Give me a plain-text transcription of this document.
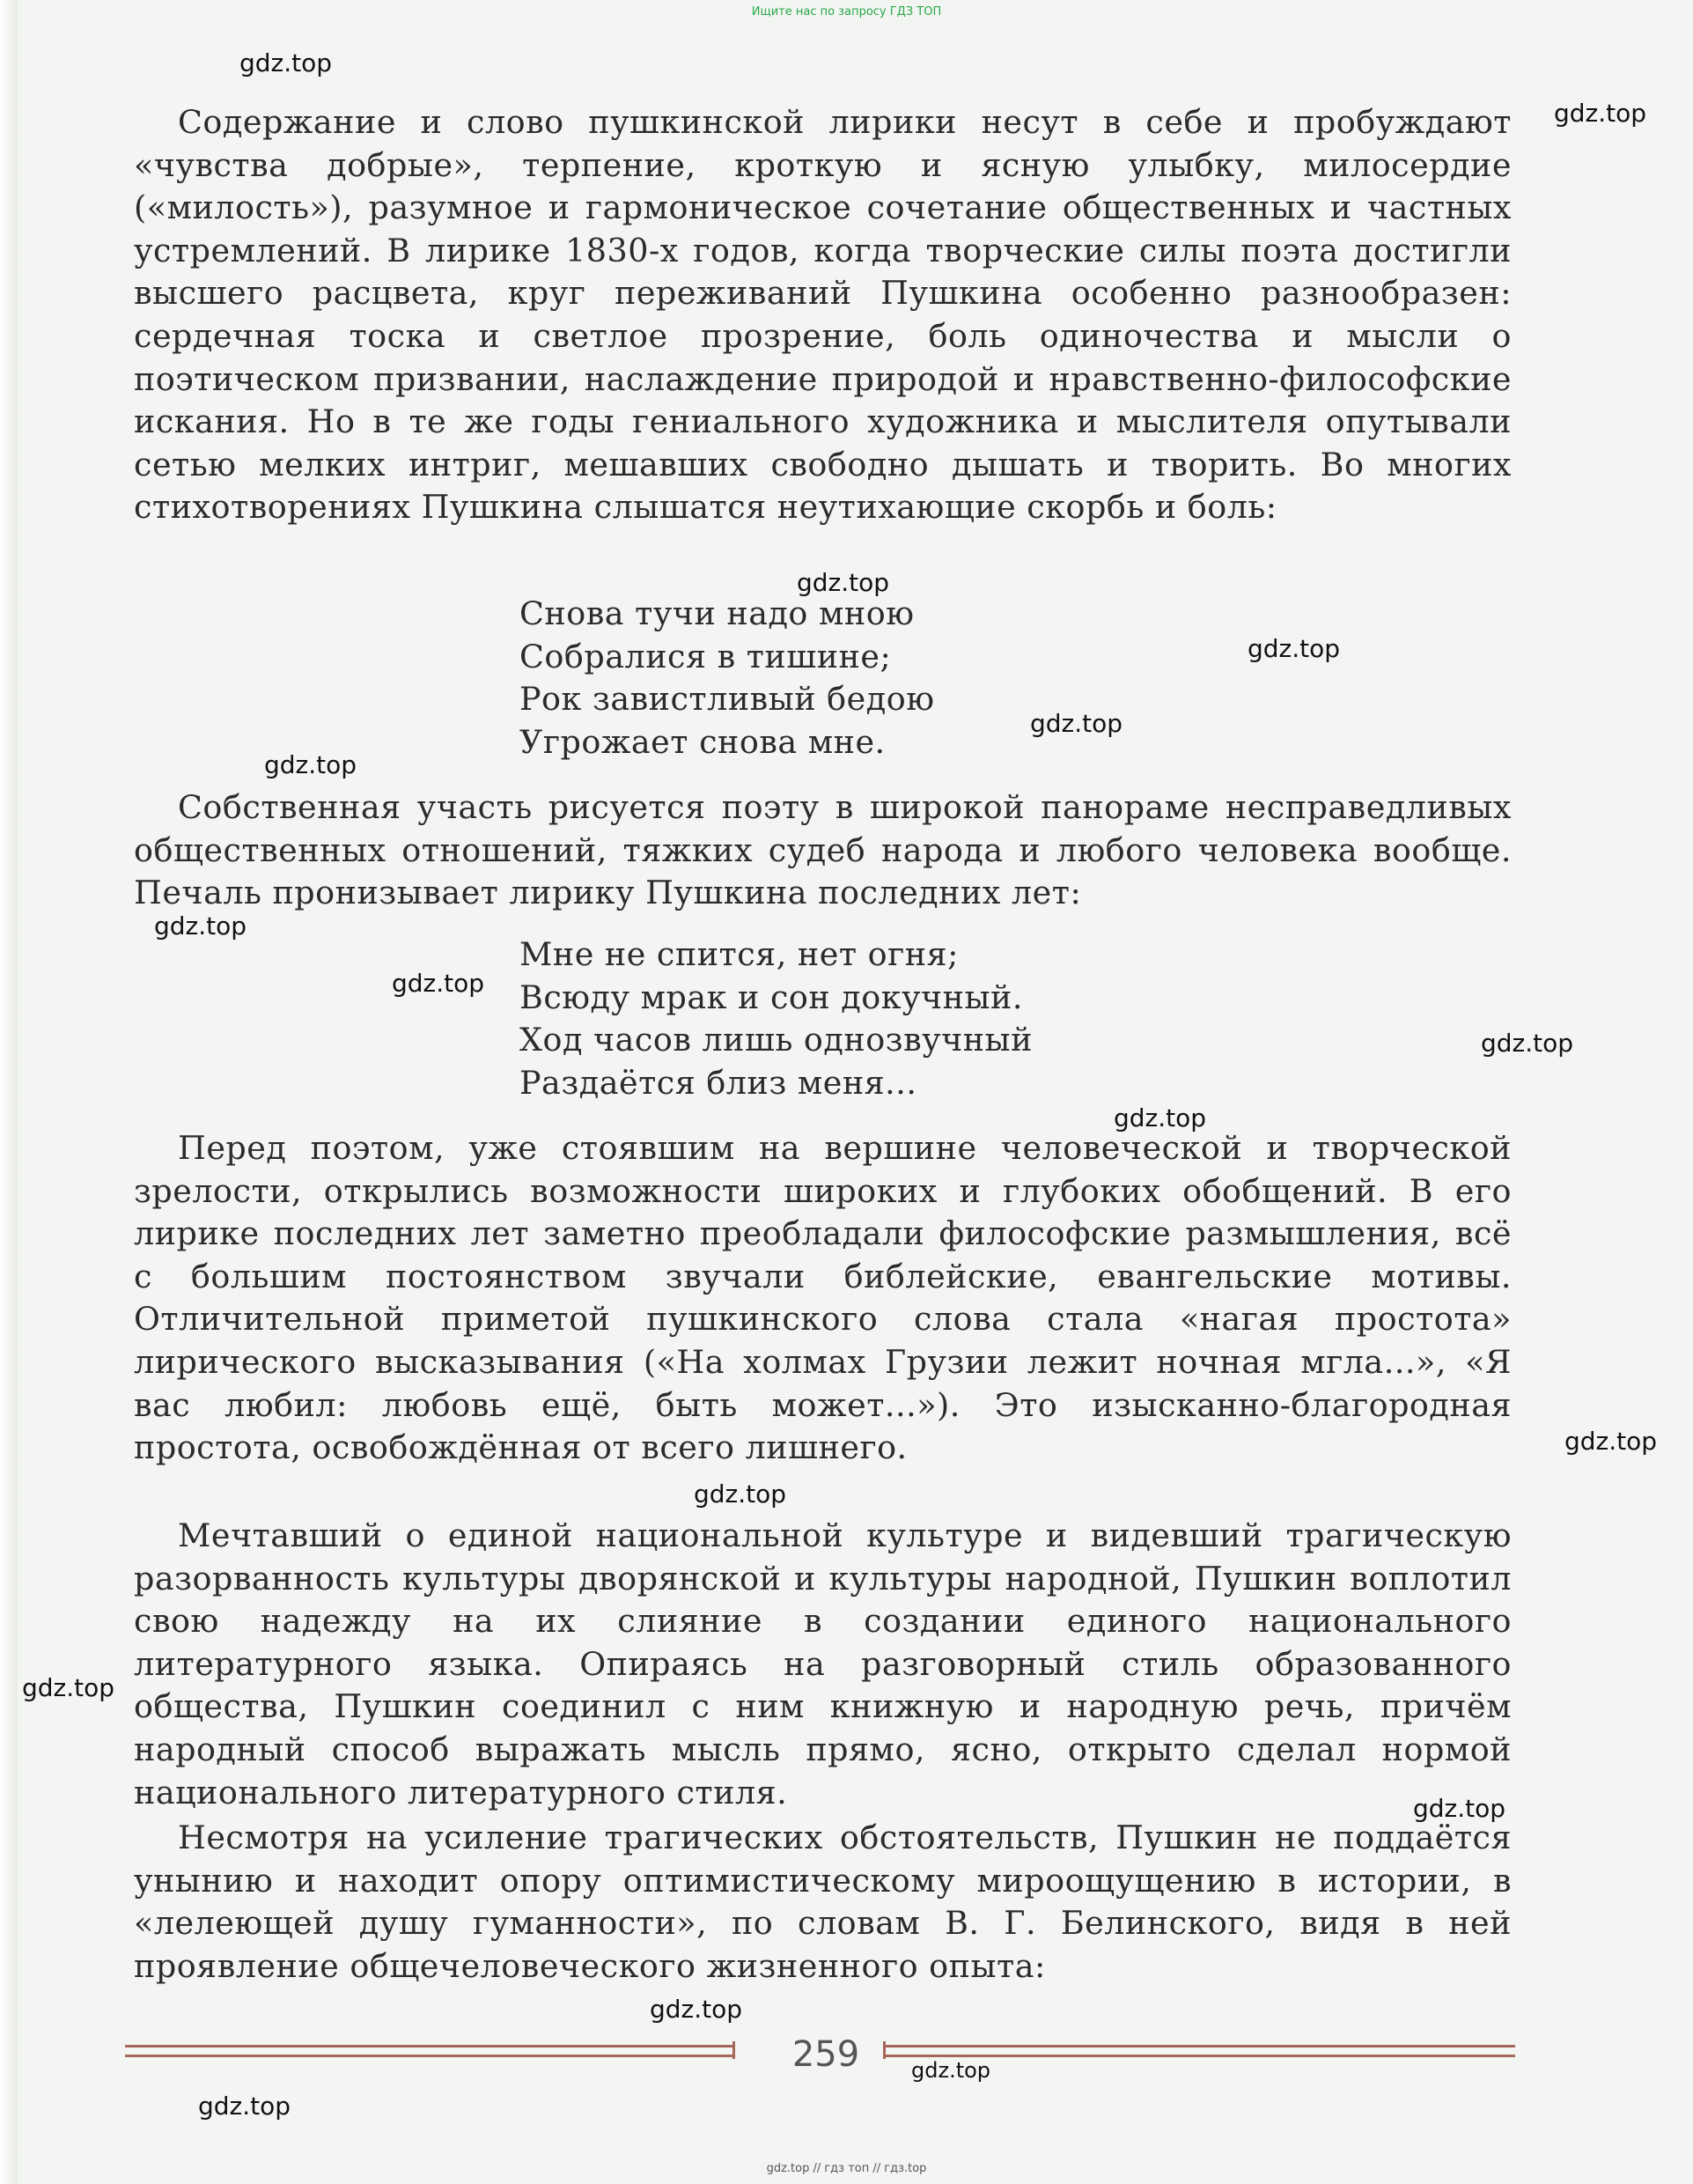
Ищите нас по запросу ГДЗ ТОП
gdz.top
gdz.top
gdz.top
gdz.top
gdz.top
gdz.top
gdz.top
gdz.top
gdz.top
gdz.top
gdz.top
gdz.top
gdz.top
gdz.top
gdz.top
gdz.top
gdz.top

Содержание и слово пушкинской лирики несут в себе и пробуждают «чувства добрые», терпение, кроткую и ясную улыбку, милосердие («милость»), разумное и гармоническое сочетание общественных и частных устремлений. В лирике 1830-х годов, когда творческие силы поэта достигли высшего расцвета, круг переживаний Пушкина особенно разнообразен: сердечная тоска и светлое прозрение, боль одиночества и мысли о поэтическом призвании, наслаждение природой и нравственно-философские искания. Но в те же годы гениального художника и мыслителя опутывали сетью мелких интриг, мешавших свободно дышать и творить. Во многих стихотворениях Пушкина слышатся неутихающие скорбь и боль:

Снова тучи надо мною
Собралися в тишине;
Рок завистливый бедою
Угрожает снова мне.

Собственная участь рисуется поэту в широкой панораме несправедливых общественных отношений, тяжких судеб народа и любого человека вообще. Печаль пронизывает лирику Пушкина последних лет:

Мне не спится, нет огня;
Всюду мрак и сон докучный.
Ход часов лишь однозвучный
Раздаётся близ меня...

Перед поэтом, уже стоявшим на вершине человеческой и творческой зрелости, открылись возможности широких и глубоких обобщений. В его лирике последних лет заметно преобладали философские размышления, всё с большим постоянством звучали библейские, евангельские мотивы. Отличительной приметой пушкинского слова стала «нагая простота» лирического высказывания («На холмах Грузии лежит ночная мгла...», «Я вас любил: любовь ещё, быть может...»). Это изысканно-благородная простота, освобождённая от всего лишнего.

Мечтавший о единой национальной культуре и видевший трагическую разорванность культуры дворянской и культуры народной, Пушкин воплотил свою надежду на их слияние в создании единого национального литературного языка. Опираясь на разговорный стиль образованного общества, Пушкин соединил с ним книжную и народную речь, причём народный способ выражать мысль прямо, ясно, открыто сделал нормой национального литературного стиля.

Несмотря на усиление трагических обстоятельств, Пушкин не поддаётся унынию и находит опору оптимистическому мироощущению в истории, в «лелеющей душу гуманности», по словам В. Г. Белинского, видя в ней проявление общечеловеческого жизненного опыта:

259
gdz.top // гдз топ // гдз.top
